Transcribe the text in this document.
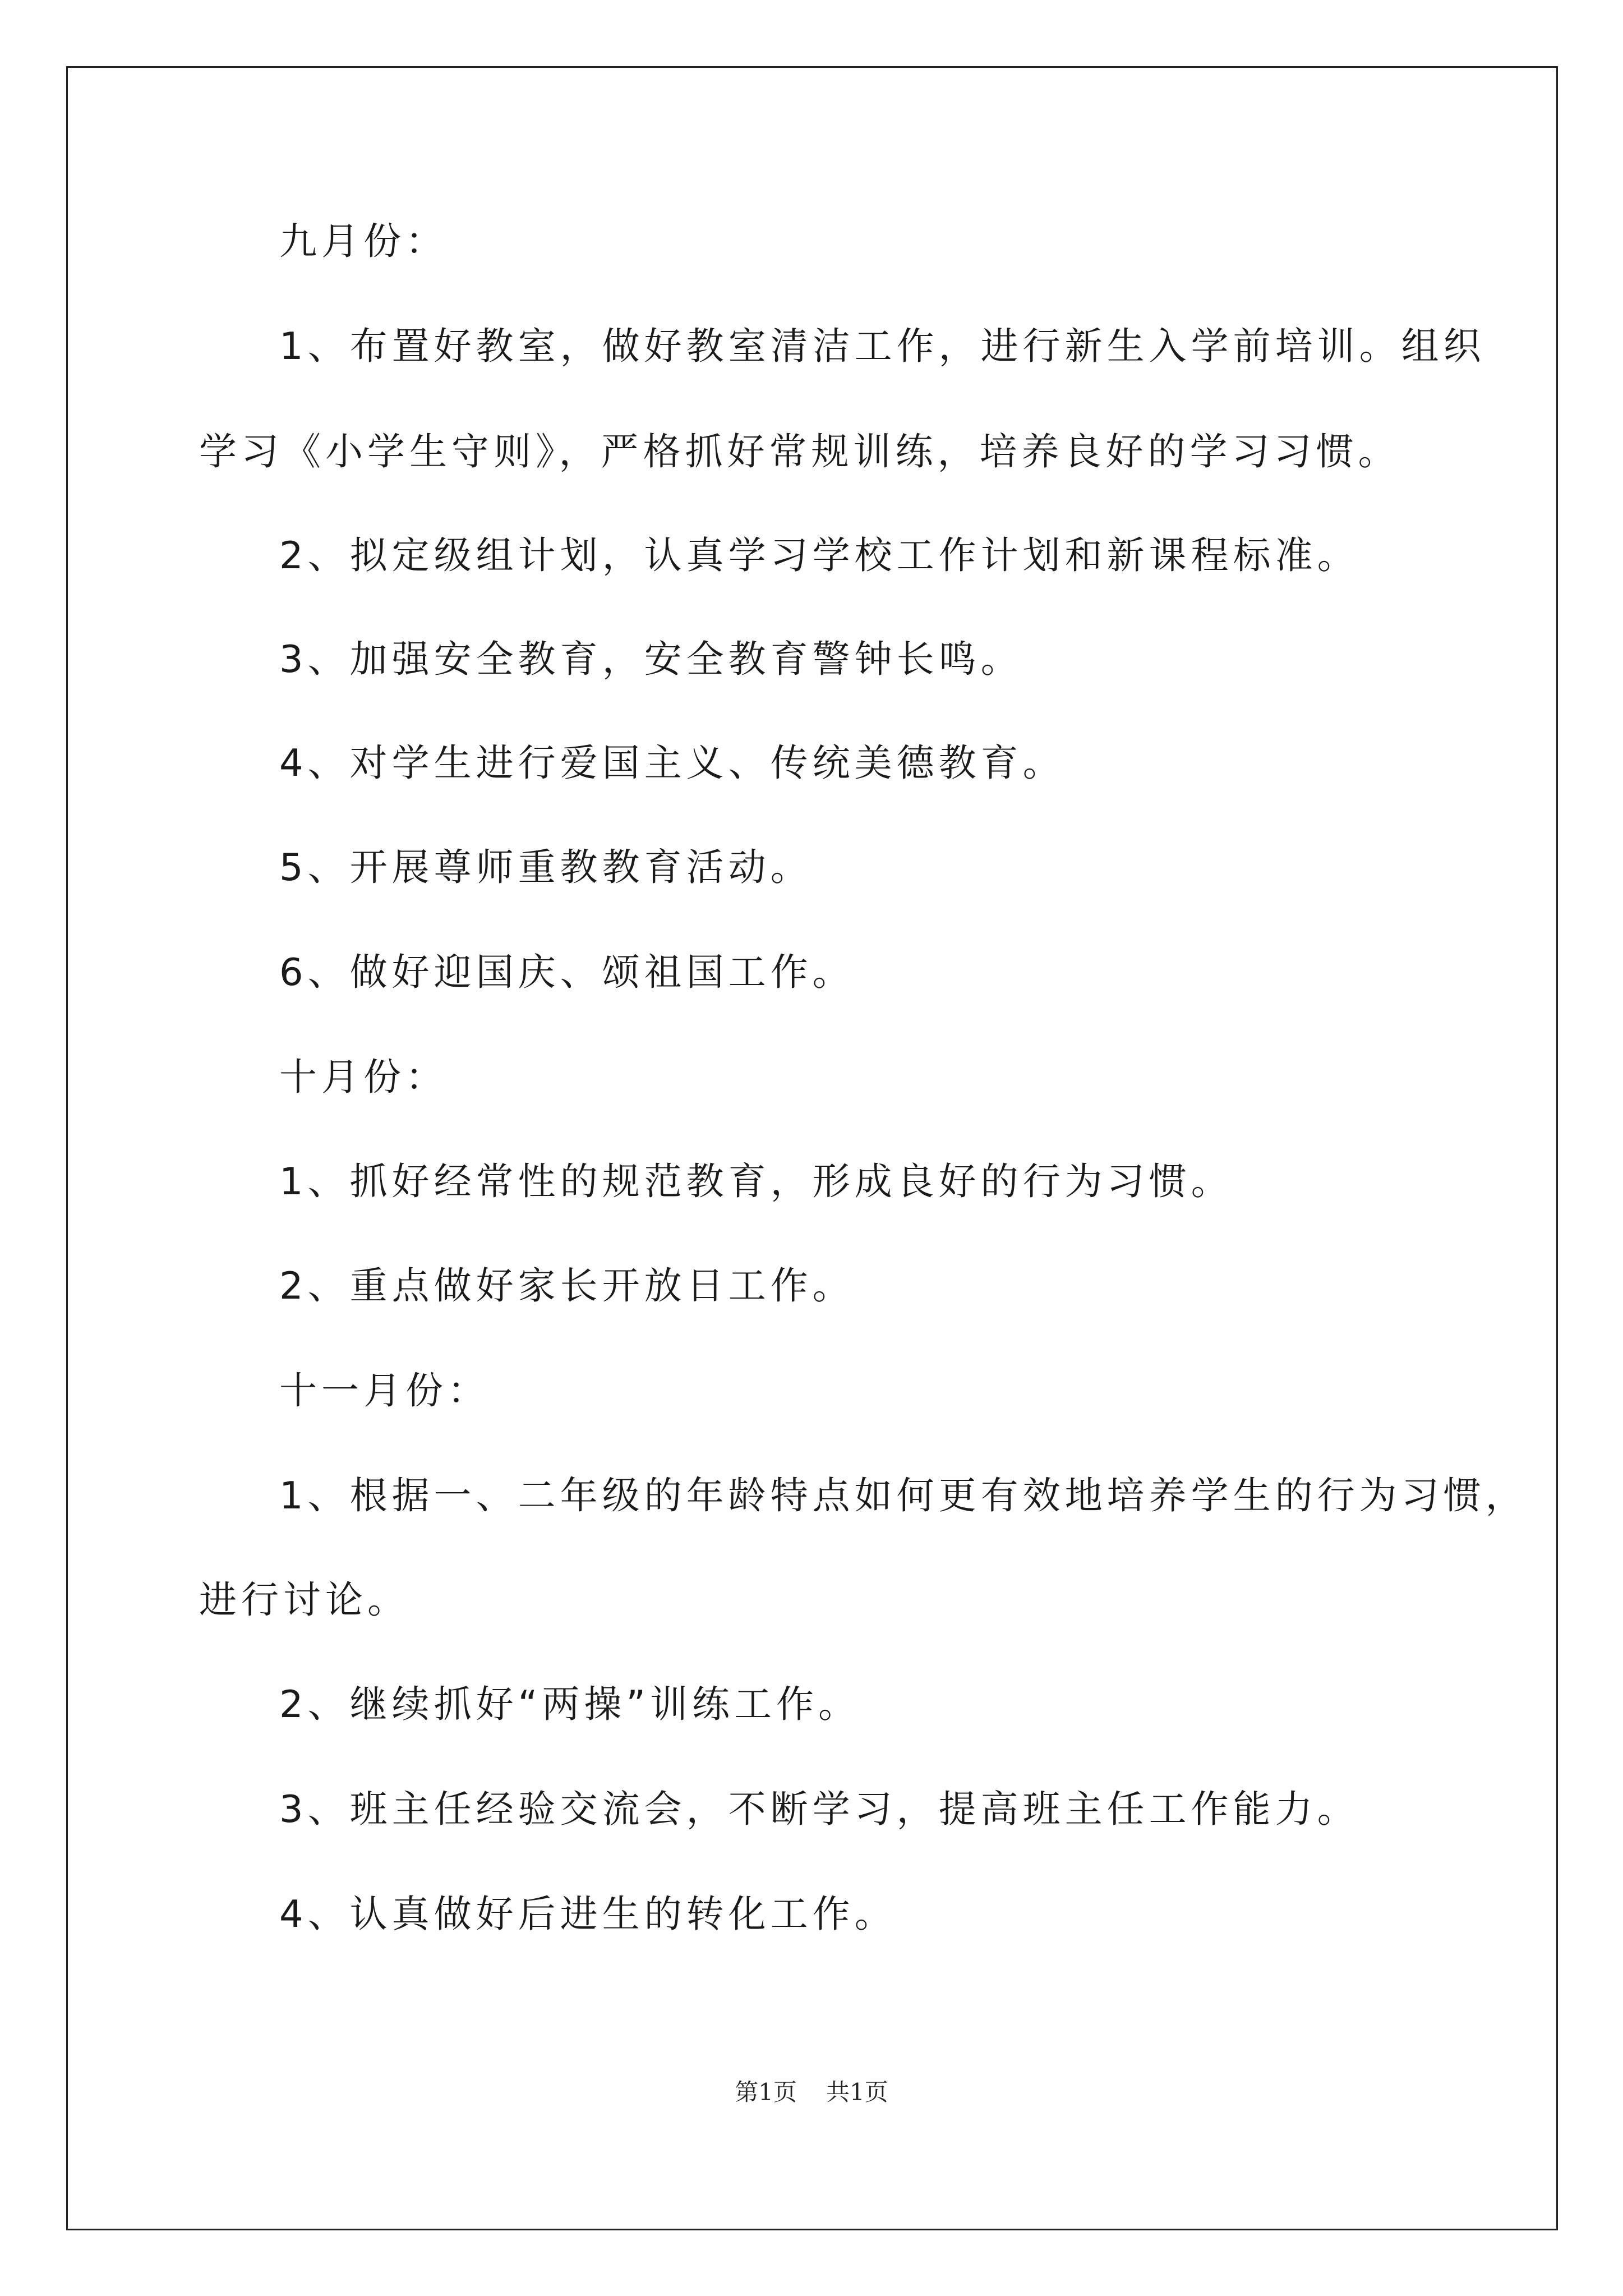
九月份：
1、布置好教室，做好教室清洁工作，进行新生入学前培训。组织
学习《小学生守则》，严格抓好常规训练，培养良好的学习习惯。
2、拟定级组计划，认真学习学校工作计划和新课程标准。
3、加强安全教育，安全教育警钟长鸣。
4、对学生进行爱国主义、传统美德教育。
5、开展尊师重教教育活动。
6、做好迎国庆、颂祖国工作。
十月份：
1、抓好经常性的规范教育，形成良好的行为习惯。
2、重点做好家长开放日工作。
十一月份：
1、根据一、二年级的年龄特点如何更有效地培养学生的行为习惯，
进行讨论。
2、继续抓好“两操”训练工作。
3、班主任经验交流会，不断学习，提高班主任工作能力。
4、认真做好后进生的转化工作。
第1页 共1页
